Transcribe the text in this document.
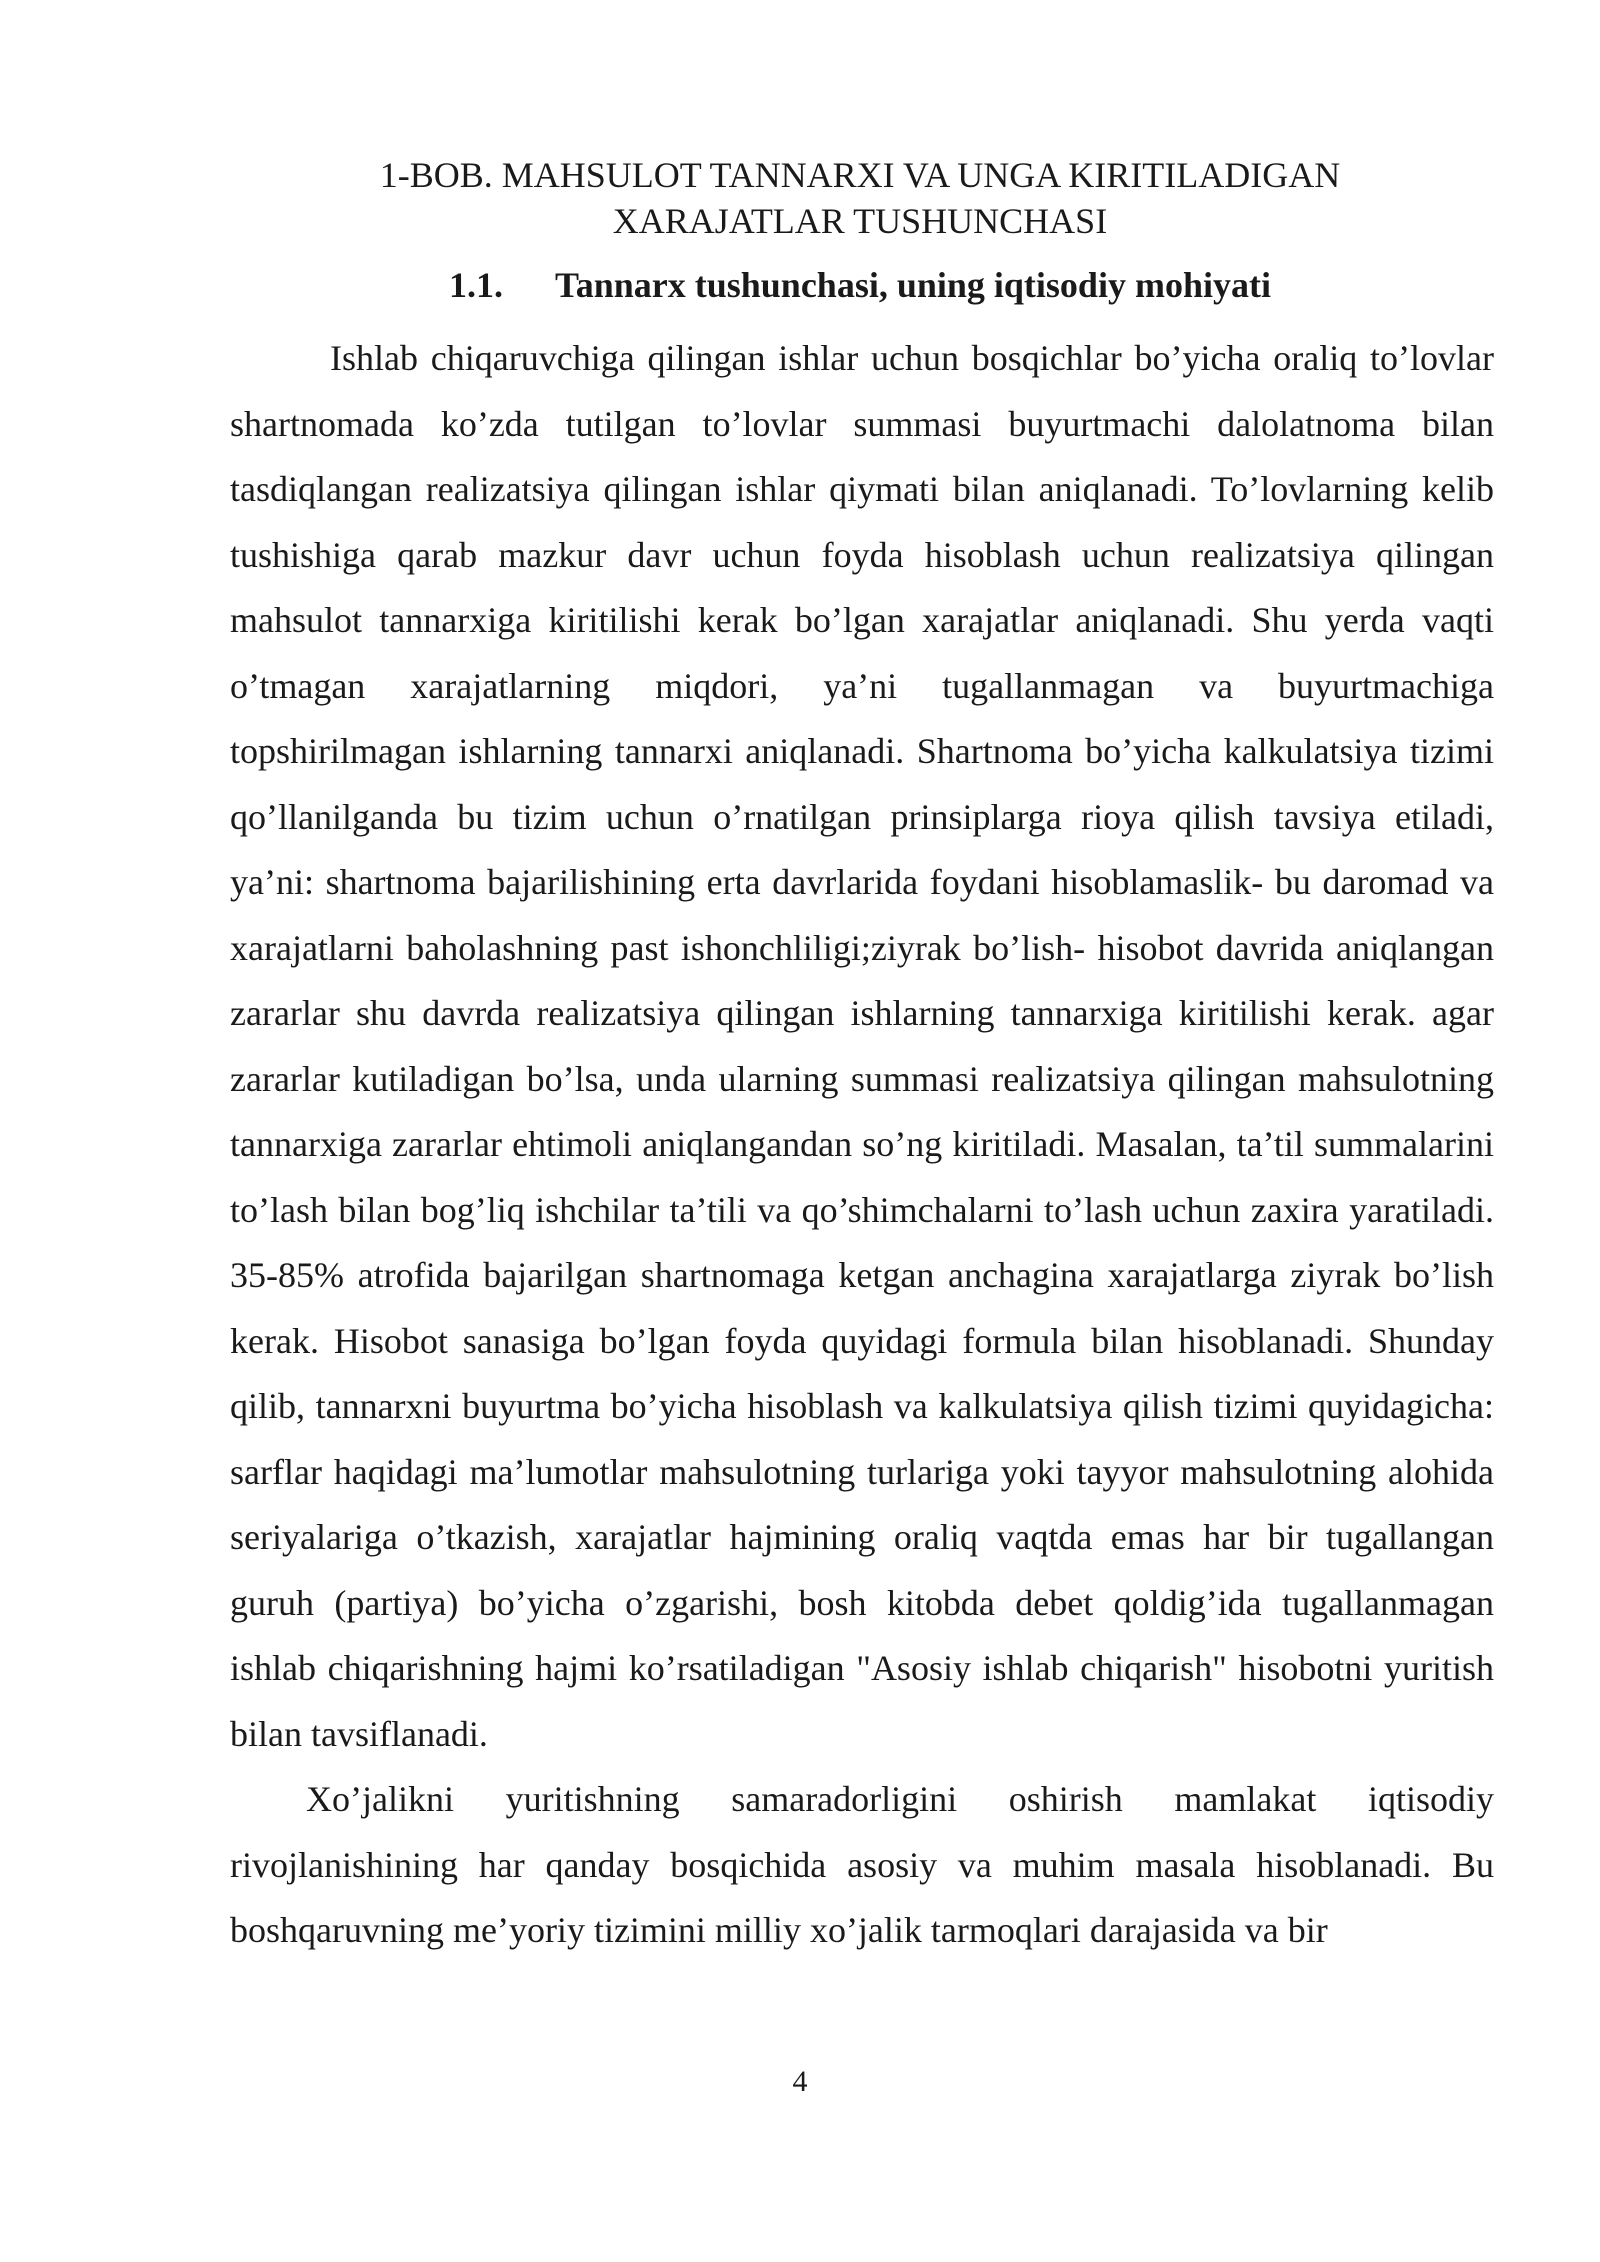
1-BOB. MAHSULOT TANNARXI VA UNGA KIRITILADIGAN
XARAJATLAR TUSHUNCHASI
1.1. Tannarx tushunchasi, uning iqtisodiy mohiyati

Ishlab chiqaruvchiga qilingan ishlar uchun bosqichlar bo’yicha oraliq to’lovlar shartnomada ko’zda tutilgan to’lovlar summasi buyurtmachi dalolatnoma bilan tasdiqlangan realizatsiya qilingan ishlar qiymati bilan aniqlanadi. To’lovlarning kelib tushishiga qarab mazkur davr uchun foyda hisoblash uchun realizatsiya qilingan mahsulot tannarxiga kiritilishi kerak bo’lgan xarajatlar aniqlanadi. Shu yerda vaqti o’tmagan xarajatlarning miqdori, ya’ni tugallanmagan va buyurtmachiga topshirilmagan ishlarning tannarxi aniqlanadi. Shartnoma bo’yicha kalkulatsiya tizimi qo’llanilganda bu tizim uchun o’rnatilgan prinsiplarga rioya qilish tavsiya etiladi, ya’ni: shartnoma bajarilishining erta davrlarida foydani hisoblamaslik- bu daromad va xarajatlarni baholashning past ishonchliligi;ziyrak bo’lish- hisobot davrida aniqlangan zararlar shu davrda realizatsiya qilingan ishlarning tannarxiga kiritilishi kerak. agar zararlar kutiladigan bo’lsa, unda ularning summasi realizatsiya qilingan mahsulotning tannarxiga zararlar ehtimoli aniqlangandan so’ng kiritiladi. Masalan, ta’til summalarini to’lash bilan bog’liq ishchilar ta’tili va qo’shimchalarni to’lash uchun zaxira yaratiladi. 35-85% atrofida bajarilgan shartnomaga ketgan anchagina xarajatlarga ziyrak bo’lish kerak. Hisobot sanasiga bo’lgan foyda quyidagi formula bilan hisoblanadi. Shunday qilib, tannarxni buyurtma bo’yicha hisoblash va kalkulatsiya qilish tizimi quyidagicha: sarflar haqidagi ma’lumotlar mahsulotning turlariga yoki tayyor mahsulotning alohida seriyalariga o’tkazish, xarajatlar hajmining oraliq vaqtda emas har bir tugallangan guruh (partiya) bo’yicha o’zgarishi, bosh kitobda debet qoldig’ida tugallanmagan ishlab chiqarishning hajmi ko’rsatiladigan "Asosiy ishlab chiqarish" hisobotni yuritish bilan tavsiflanadi.

Xo’jalikni yuritishning samaradorligini oshirish mamlakat iqtisodiy rivojlanishining har qanday bosqichida asosiy va muhim masala hisoblanadi. Bu boshqaruvning me’yoriy tizimini milliy xo’jalik tarmoqlari darajasida va bir

4
